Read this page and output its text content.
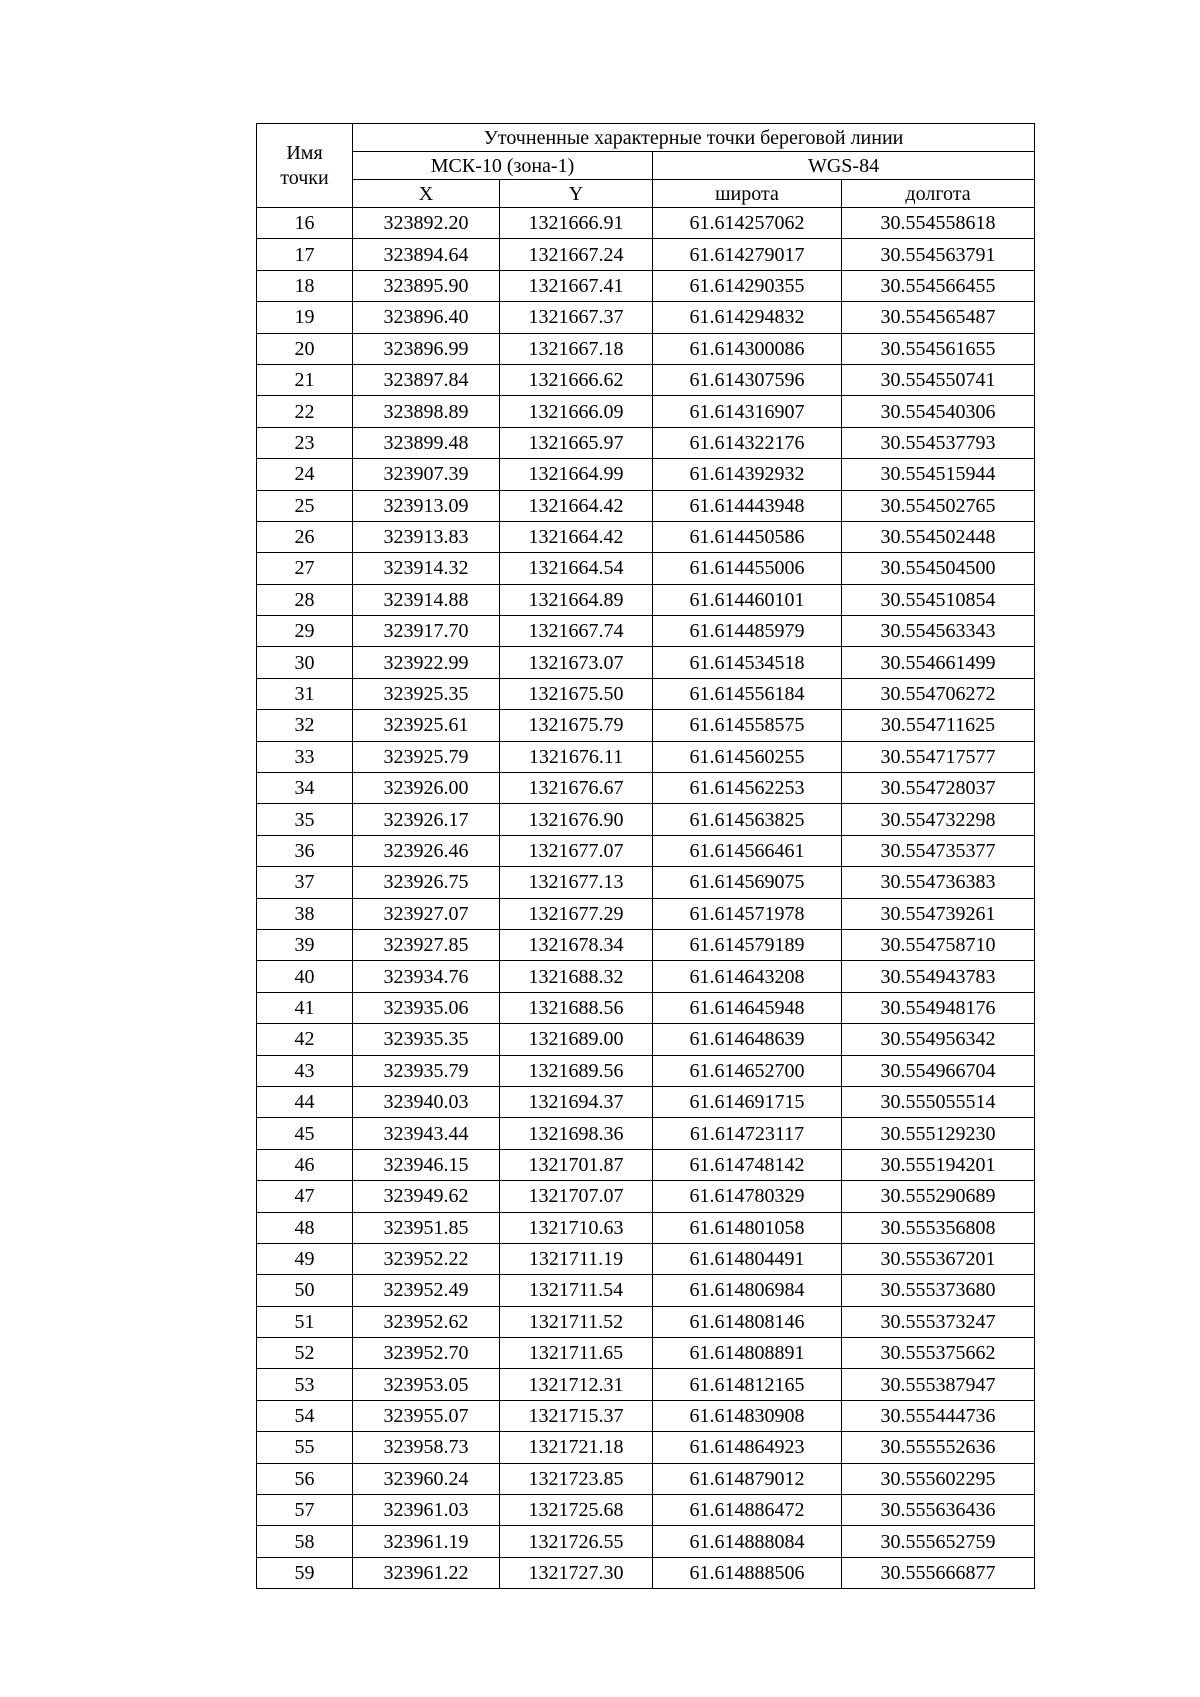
Имя точки	Уточненные характерные точки береговой линии			
	МСК-10 (зона-1)		WGS-84	
	X	Y	широта	долгота
16	323892.20	1321666.91	61.614257062	30.554558618
17	323894.64	1321667.24	61.614279017	30.554563791
18	323895.90	1321667.41	61.614290355	30.554566455
19	323896.40	1321667.37	61.614294832	30.554565487
20	323896.99	1321667.18	61.614300086	30.554561655
21	323897.84	1321666.62	61.614307596	30.554550741
22	323898.89	1321666.09	61.614316907	30.554540306
23	323899.48	1321665.97	61.614322176	30.554537793
24	323907.39	1321664.99	61.614392932	30.554515944
25	323913.09	1321664.42	61.614443948	30.554502765
26	323913.83	1321664.42	61.614450586	30.554502448
27	323914.32	1321664.54	61.614455006	30.554504500
28	323914.88	1321664.89	61.614460101	30.554510854
29	323917.70	1321667.74	61.614485979	30.554563343
30	323922.99	1321673.07	61.614534518	30.554661499
31	323925.35	1321675.50	61.614556184	30.554706272
32	323925.61	1321675.79	61.614558575	30.554711625
33	323925.79	1321676.11	61.614560255	30.554717577
34	323926.00	1321676.67	61.614562253	30.554728037
35	323926.17	1321676.90	61.614563825	30.554732298
36	323926.46	1321677.07	61.614566461	30.554735377
37	323926.75	1321677.13	61.614569075	30.554736383
38	323927.07	1321677.29	61.614571978	30.554739261
39	323927.85	1321678.34	61.614579189	30.554758710
40	323934.76	1321688.32	61.614643208	30.554943783
41	323935.06	1321688.56	61.614645948	30.554948176
42	323935.35	1321689.00	61.614648639	30.554956342
43	323935.79	1321689.56	61.614652700	30.554966704
44	323940.03	1321694.37	61.614691715	30.555055514
45	323943.44	1321698.36	61.614723117	30.555129230
46	323946.15	1321701.87	61.614748142	30.555194201
47	323949.62	1321707.07	61.614780329	30.555290689
48	323951.85	1321710.63	61.614801058	30.555356808
49	323952.22	1321711.19	61.614804491	30.555367201
50	323952.49	1321711.54	61.614806984	30.555373680
51	323952.62	1321711.52	61.614808146	30.555373247
52	323952.70	1321711.65	61.614808891	30.555375662
53	323953.05	1321712.31	61.614812165	30.555387947
54	323955.07	1321715.37	61.614830908	30.555444736
55	323958.73	1321721.18	61.614864923	30.555552636
56	323960.24	1321723.85	61.614879012	30.555602295
57	323961.03	1321725.68	61.614886472	30.555636436
58	323961.19	1321726.55	61.614888084	30.555652759
59	323961.22	1321727.30	61.614888506	30.555666877
